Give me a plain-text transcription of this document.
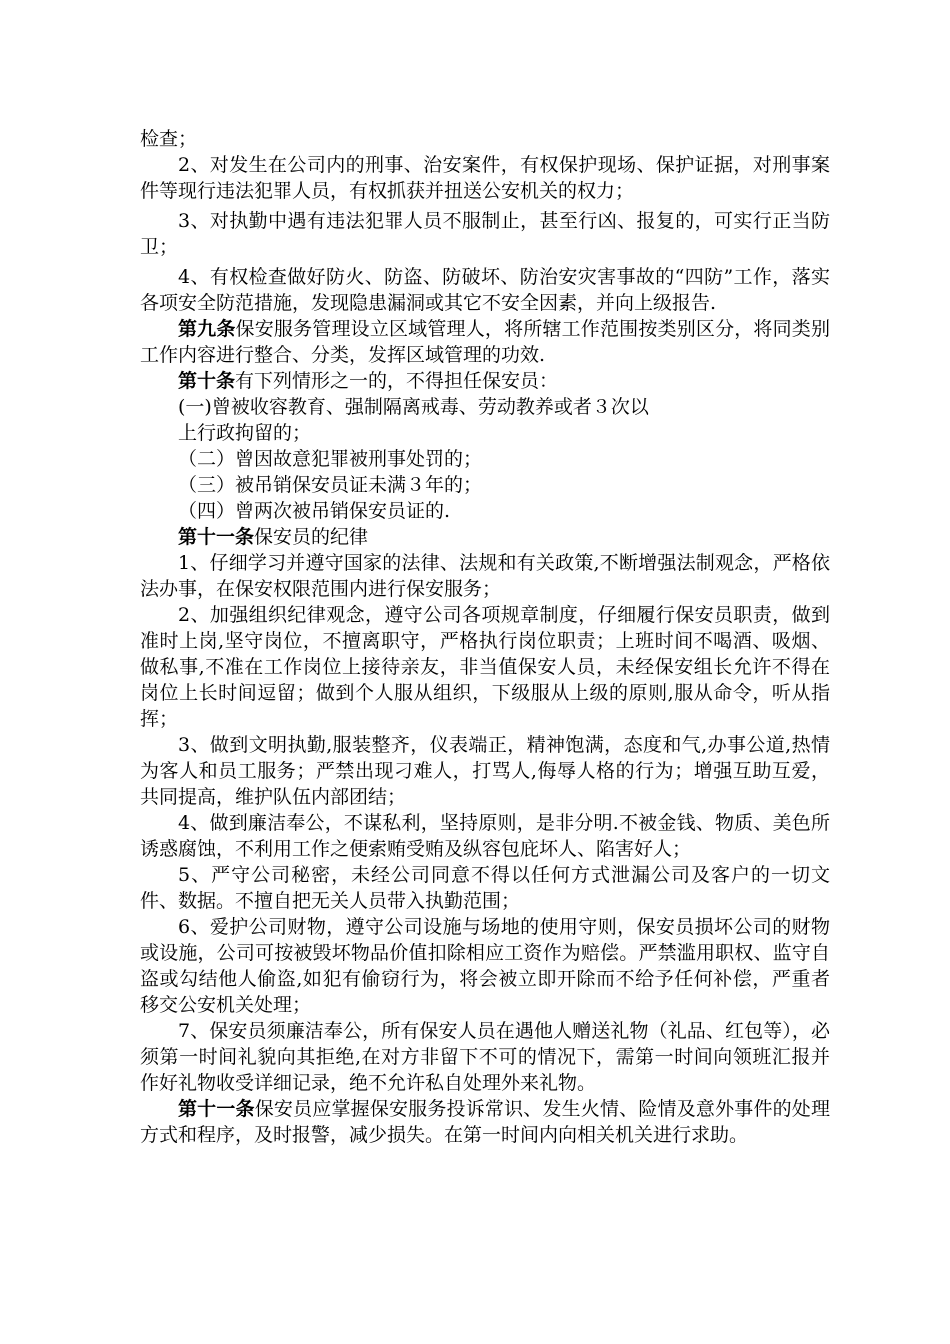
检查；

2、对发生在公司内的刑事、治安案件，有权保护现场、保护证据，对刑事案件等现行违法犯罪人员，有权抓获并扭送公安机关的权力；

3、对执勤中遇有违法犯罪人员不服制止，甚至行凶、报复的，可实行正当防卫；

4、有权检查做好防火、防盗、防破坏、防治安灾害事故的“四防”工作，落实各项安全防范措施，发现隐患漏洞或其它不安全因素，并向上级报告.

第九条保安服务管理设立区域管理人，将所辖工作范围按类别区分，将同类别工作内容进行整合、分类，发挥区域管理的功效.

第十条有下列情形之一的，不得担任保安员：

(一)曾被收容教育、强制隔离戒毒、劳动教养或者３次以

上行政拘留的；

（二）曾因故意犯罪被刑事处罚的；

（三）被吊销保安员证未满３年的；

（四）曾两次被吊销保安员证的.

第十一条保安员的纪律

1、仔细学习并遵守国家的法律、法规和有关政策,不断增强法制观念，严格依法办事，在保安权限范围内进行保安服务；

2、加强组织纪律观念，遵守公司各项规章制度，仔细履行保安员职责，做到准时上岗,坚守岗位，不擅离职守，严格执行岗位职责；上班时间不喝酒、吸烟、做私事,不准在工作岗位上接待亲友，非当值保安人员，未经保安组长允许不得在岗位上长时间逗留；做到个人服从组织，下级服从上级的原则,服从命令，听从指挥；

3、做到文明执勤,服装整齐，仪表端正，精神饱满，态度和气,办事公道,热情为客人和员工服务；严禁出现刁难人，打骂人,侮辱人格的行为；增强互助互爱，共同提高，维护队伍内部团结；

4、做到廉洁奉公，不谋私利，坚持原则，是非分明.不被金钱、物质、美色所诱惑腐蚀，不利用工作之便索贿受贿及纵容包庇坏人、陷害好人；

5、严守公司秘密，未经公司同意不得以任何方式泄漏公司及客户的一切文件、数据。不擅自把无关人员带入执勤范围；

6、爱护公司财物，遵守公司设施与场地的使用守则，保安员损坏公司的财物或设施，公司可按被毁坏物品价值扣除相应工资作为赔偿。严禁滥用职权、监守自盗或勾结他人偷盗,如犯有偷窃行为，将会被立即开除而不给予任何补偿，严重者移交公安机关处理；

7、保安员须廉洁奉公，所有保安人员在遇他人赠送礼物（礼品、红包等），必须第一时间礼貌向其拒绝,在对方非留下不可的情况下，需第一时间向领班汇报并作好礼物收受详细记录，绝不允许私自处理外来礼物。

第十一条保安员应掌握保安服务投诉常识、发生火情、险情及意外事件的处理方式和程序，及时报警，减少损失。在第一时间内向相关机关进行求助。
